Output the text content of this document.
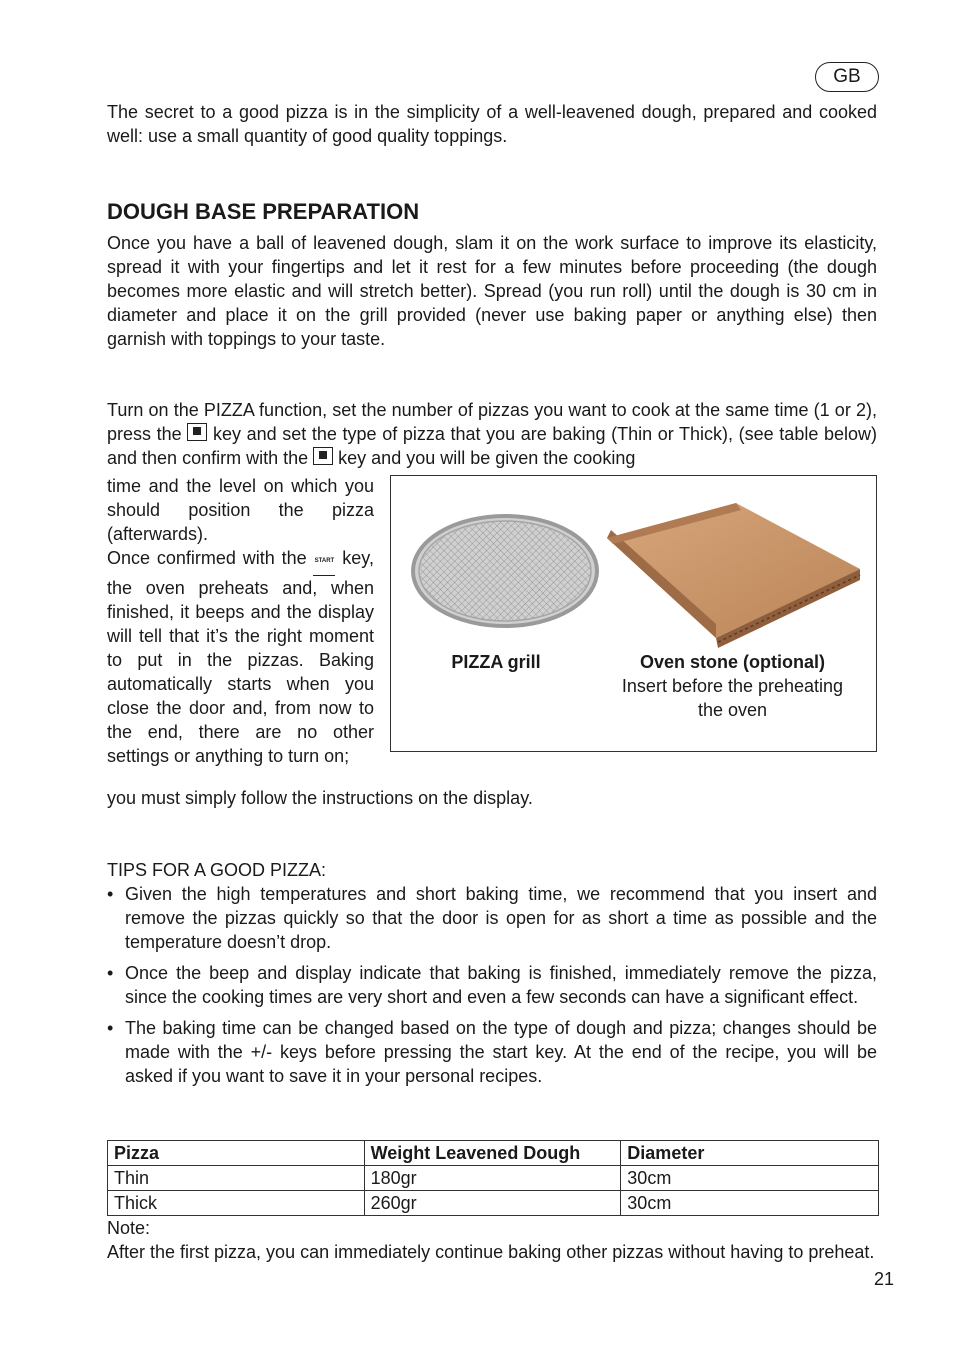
GB
The secret to a good pizza is in the simplicity of a well-leavened dough, prepared and cooked well: use a small quantity of good quality toppings.
DOUGH BASE PREPARATION
Once you have a ball of leavened dough, slam it on the work surface to improve its elasticity, spread it with your fingertips and let it rest for a few minutes before proceeding (the dough becomes more elastic and will stretch better). Spread (you run roll) until the dough is 30 cm in diameter and place it on the grill provided (never use baking paper or anything else) then garnish with toppings to your taste.
Turn on the PIZZA function, set the number of pizzas you want to cook at the same time (1 or 2), press the key and set the type of pizza that you are baking (Thin or Thick), (see table below) and then confirm with the key and you will be given the cooking

time and the level on which you should position the pizza (afterwards).

Once confirmed with the START key, the oven preheats and, when finished, it beeps and the display will tell that it’s the right moment to put in the pizzas. Baking automatically starts when you close the door and, from now to the end, there are no other settings or anything to turn on;

you must simply follow the instructions on the display.
PIZZA grill	Oven stone (optional)
Insert before the preheating the oven
TIPS FOR A GOOD PIZZA:
• Given the high temperatures and short baking time, we recommend that you insert and remove the pizzas quickly so that the door is open for as short a time as possible and the temperature doesn’t drop.
• Once the beep and display indicate that baking is finished, immediately remove the pizza, since the cooking times are very short and even a few seconds can have a significant effect.
• The baking time can be changed based on the type of dough and pizza; changes should be made with the +/- keys before pressing the start key. At the end of the recipe, you will be asked if you want to save it in your personal recipes.
Pizza	Weight Leavened Dough	Diameter
Thin	180gr	30cm
Thick	260gr	30cm
Note:
After the first pizza, you can immediately continue baking other pizzas without having to preheat.
21
